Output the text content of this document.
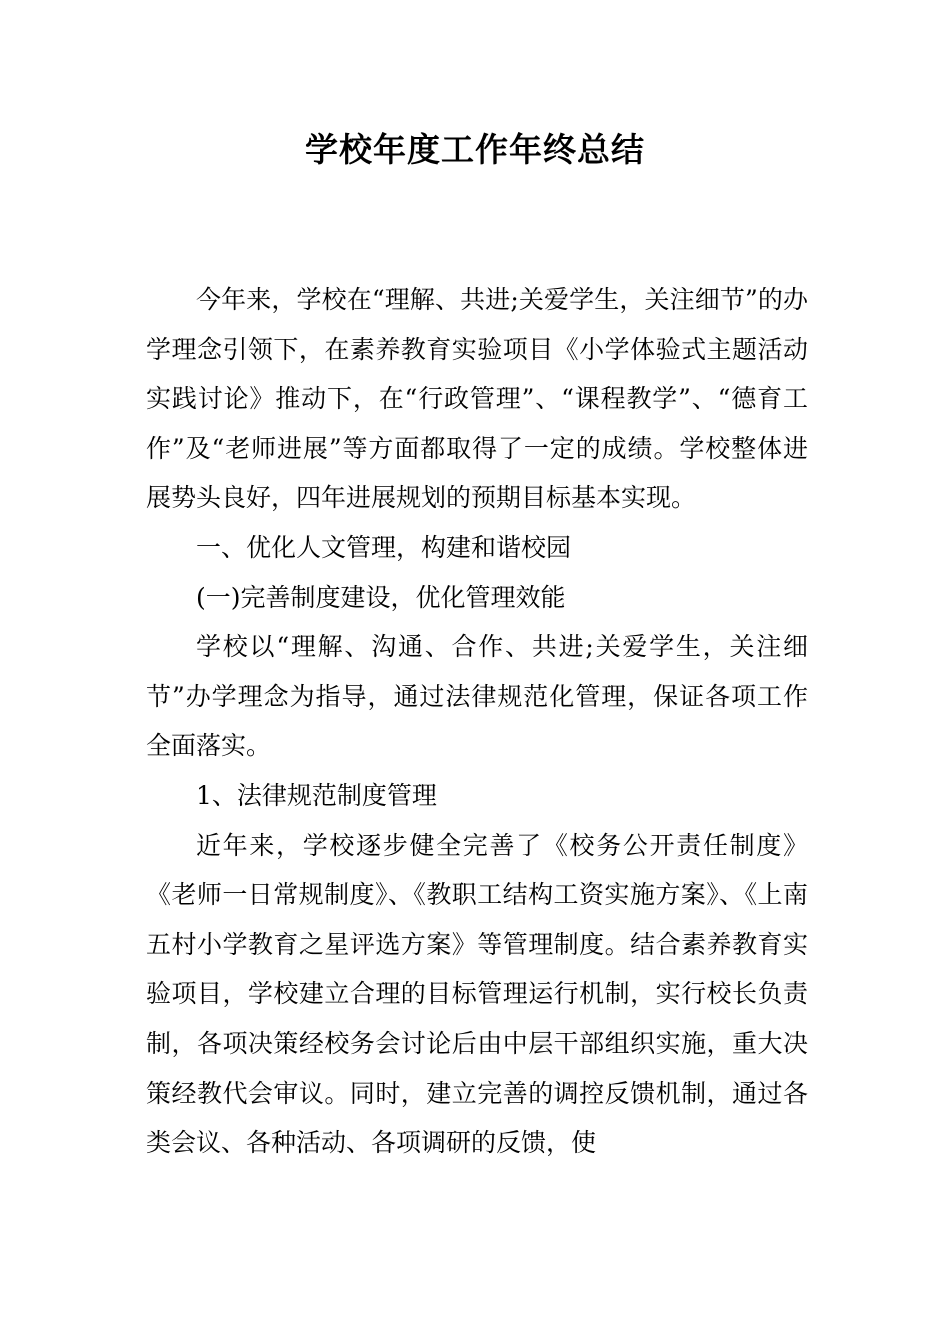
学校年度工作年终总结

今年来，学校在“理解、共进;关爱学生，关注细节”的办学理念引领下，在素养教育实验项目《小学体验式主题活动实践讨论》推动下，在“行政管理”、“课程教学”、“德育工作”及“老师进展”等方面都取得了一定的成绩。学校整体进展势头良好，四年进展规划的预期目标基本实现。

一、优化人文管理，构建和谐校园

(一)完善制度建设，优化管理效能

学校以“理解、沟通、合作、共进;关爱学生，关注细节”办学理念为指导，通过法律规范化管理，保证各项工作全面落实。

1、法律规范制度管理

近年来，学校逐步健全完善了《校务公开责任制度》《老师一日常规制度》、《教职工结构工资实施方案》、《上南五村小学教育之星评选方案》等管理制度。结合素养教育实验项目，学校建立合理的目标管理运行机制，实行校长负责制，各项决策经校务会讨论后由中层干部组织实施，重大决策经教代会审议。同时，建立完善的调控反馈机制，通过各类会议、各种活动、各项调研的反馈，使
